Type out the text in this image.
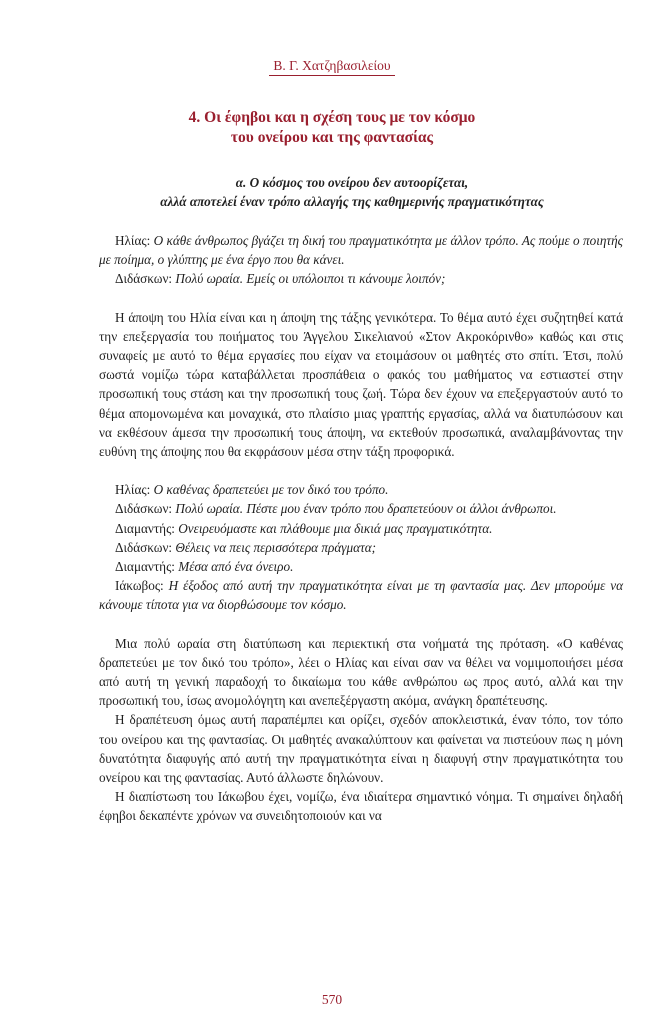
Β. Γ. Χατζηβασιλείου
4. Οι έφηβοι και η σχέση τους με τον κόσμο
του ονείρου και της φαντασίας
α. Ο κόσμος του ονείρου δεν αυτοορίζεται,
αλλά αποτελεί έναν τρόπο αλλαγής της καθημερινής πραγματικότητας

Ηλίας: Ο κάθε άνθρωπος βγάζει τη δική του πραγματικότητα με άλλον τρόπο. Ας πούμε ο ποιητής με ποίημα, ο γλύπτης με ένα έργο που θα κάνει.

Διδάσκων: Πολύ ωραία. Εμείς οι υπόλοιποι τι κάνουμε λοιπόν;

Η άποψη του Ηλία είναι και η άποψη της τάξης γενικότερα. Το θέμα αυτό έχει συζητηθεί κατά την επεξεργασία του ποιήματος του Άγγελου Σικελιανού «Στον Ακροκόρινθο» καθώς και στις συναφείς με αυτό το θέμα εργασίες που είχαν να ετοιμάσουν οι μαθητές στο σπίτι. Έτσι, πολύ σωστά νομίζω τώρα καταβάλλεται προσπάθεια ο φακός του μαθήματος να εστιαστεί στην προσωπική τους στάση και την προσωπική τους ζωή. Τώρα δεν έχουν να επεξεργαστούν αυτό το θέμα απομονωμένα και μοναχικά, στο πλαίσιο μιας γραπτής εργασίας, αλλά να διατυπώσουν και να εκθέσουν άμεσα την προσωπική τους άποψη, να εκτεθούν προσωπικά, αναλαμβάνοντας την ευθύνη της άποψης που θα εκφράσουν μέσα στην τάξη προφορικά.

Ηλίας: Ο καθένας δραπετεύει με τον δικό του τρόπο.

Διδάσκων: Πολύ ωραία. Πέστε μου έναν τρόπο που δραπετεύουν οι άλλοι άνθρωποι.

Διαμαντής: Ονειρευόμαστε και πλάθουμε μια δικιά μας πραγματικότητα.

Διδάσκων: Θέλεις να πεις περισσότερα πράγματα;

Διαμαντής: Μέσα από ένα όνειρο.

Ιάκωβος: Η έξοδος από αυτή την πραγματικότητα είναι με τη φαντασία μας. Δεν μπορούμε να κάνουμε τίποτα για να διορθώσουμε τον κόσμο.

Μια πολύ ωραία στη διατύπωση και περιεκτική στα νοήματά της πρόταση. «Ο καθένας δραπετεύει με τον δικό του τρόπο», λέει ο Ηλίας και είναι σαν να θέλει να νομιμοποιήσει μέσα από αυτή τη γενική παραδοχή το δικαίωμα του κάθε ανθρώπου ως προς αυτό, αλλά και την προσωπική του, ίσως ανομολόγητη και ανεπεξέργαστη ακόμα, ανάγκη δραπέτευσης.

Η δραπέτευση όμως αυτή παραπέμπει και ορίζει, σχεδόν αποκλειστικά, έναν τόπο, τον τόπο του ονείρου και της φαντασίας. Οι μαθητές ανακαλύπτουν και φαίνεται να πιστεύουν πως η μόνη δυνατότητα διαφυγής από αυτή την πραγματικότητα είναι η διαφυγή στην πραγματικότητα του ονείρου και της φαντασίας. Αυτό άλλωστε δηλώνουν.

Η διαπίστωση του Ιάκωβου έχει, νομίζω, ένα ιδιαίτερα σημαντικό νόημα. Τι σημαίνει δηλαδή έφηβοι δεκαπέντε χρόνων να συνειδητοποιούν και να

570
